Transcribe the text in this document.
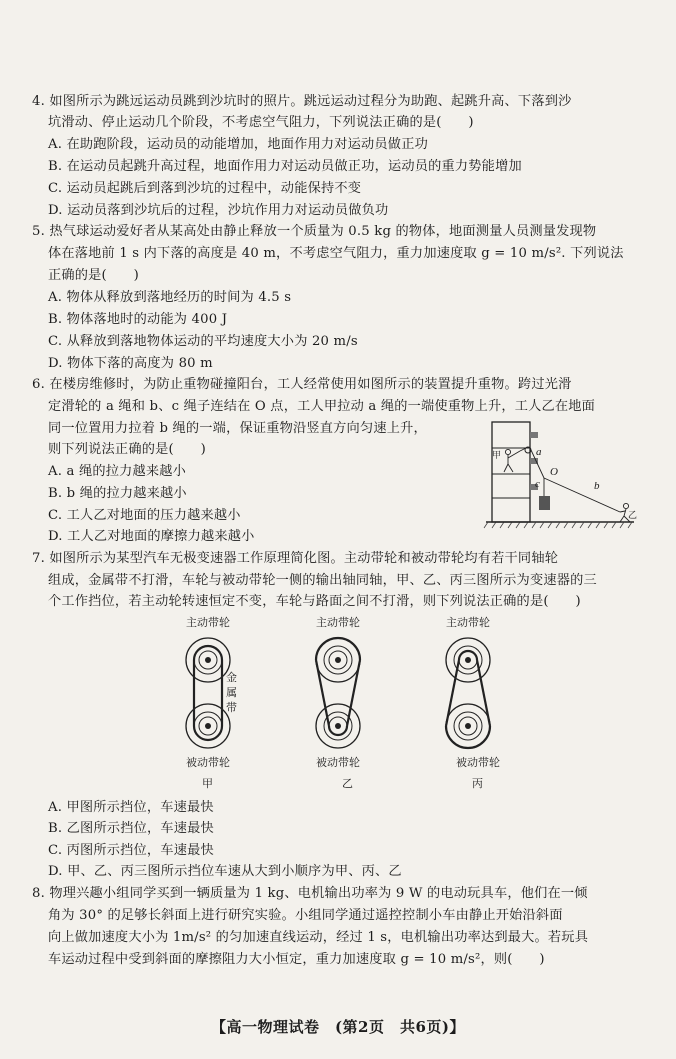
4. 如图所示为跳远运动员跳到沙坑时的照片。跳远运动过程分为助跑、起跳升高、下落到沙
坑滑动、停止运动几个阶段，不考虑空气阻力，下列说法正确的是(　　)
A. 在助跑阶段，运动员的动能增加，地面作用力对运动员做正功
B. 在运动员起跳升高过程，地面作用力对运动员做正功，运动员的重力势能增加
C. 运动员起跳后到落到沙坑的过程中，动能保持不变
D. 运动员落到沙坑后的过程，沙坑作用力对运动员做负功
5. 热气球运动爱好者从某高处由静止释放一个质量为 0.5 kg 的物体，地面测量人员测量发现物
体在落地前 1 s 内下落的高度是 40 m，不考虑空气阻力，重力加速度取 g = 10 m/s². 下列说法
正确的是(　　)
A. 物体从释放到落地经历的时间为 4.5 s
B. 物体落地时的动能为 400 J
C. 从释放到落地物体运动的平均速度大小为 20 m/s
D. 物体下落的高度为 80 m
6. 在楼房维修时，为防止重物碰撞阳台，工人经常使用如图所示的装置提升重物。跨过光滑
定滑轮的 a 绳和 b、c 绳子连结在 O 点，工人甲拉动 a 绳的一端使重物上升，工人乙在地面
同一位置用力拉着 b 绳的一端，保证重物沿竖直方向匀速上升，
则下列说法正确的是(　　)
A. a 绳的拉力越来越小
B. b 绳的拉力越来越小
C. 工人乙对地面的压力越来越小
D. 工人乙对地面的摩擦力越来越小
甲	a
O
b
c
乙
7. 如图所示为某型汽车无极变速器工作原理简化图。主动带轮和被动带轮均有若干同轴轮
组成，金属带不打滑，车轮与被动带轮一侧的输出轴同轴，甲、乙、丙三图所示为变速器的三
个工作挡位，若主动轮转速恒定不变，车轮与路面之间不打滑，则下列说法正确的是(　　)
主动带轮	主动带轮	主动带轮
金
属
带
被动带轮	被动带轮	被动带轮
甲	乙	丙
A. 甲图所示挡位，车速最快
B. 乙图所示挡位，车速最快
C. 丙图所示挡位，车速最快
D. 甲、乙、丙三图所示挡位车速从大到小顺序为甲、丙、乙
8. 物理兴趣小组同学买到一辆质量为 1 kg、电机输出功率为 9 W 的电动玩具车，他们在一倾
角为 30° 的足够长斜面上进行研究实验。小组同学通过遥控控制小车由静止开始沿斜面
向上做加速度大小为 1m/s² 的匀加速直线运动，经过 1 s，电机输出功率达到最大。若玩具
车运动过程中受到斜面的摩擦阻力大小恒定，重力加速度取 g = 10 m/s²，则(　　)
【高一物理试卷　(第2页　共6页)】
